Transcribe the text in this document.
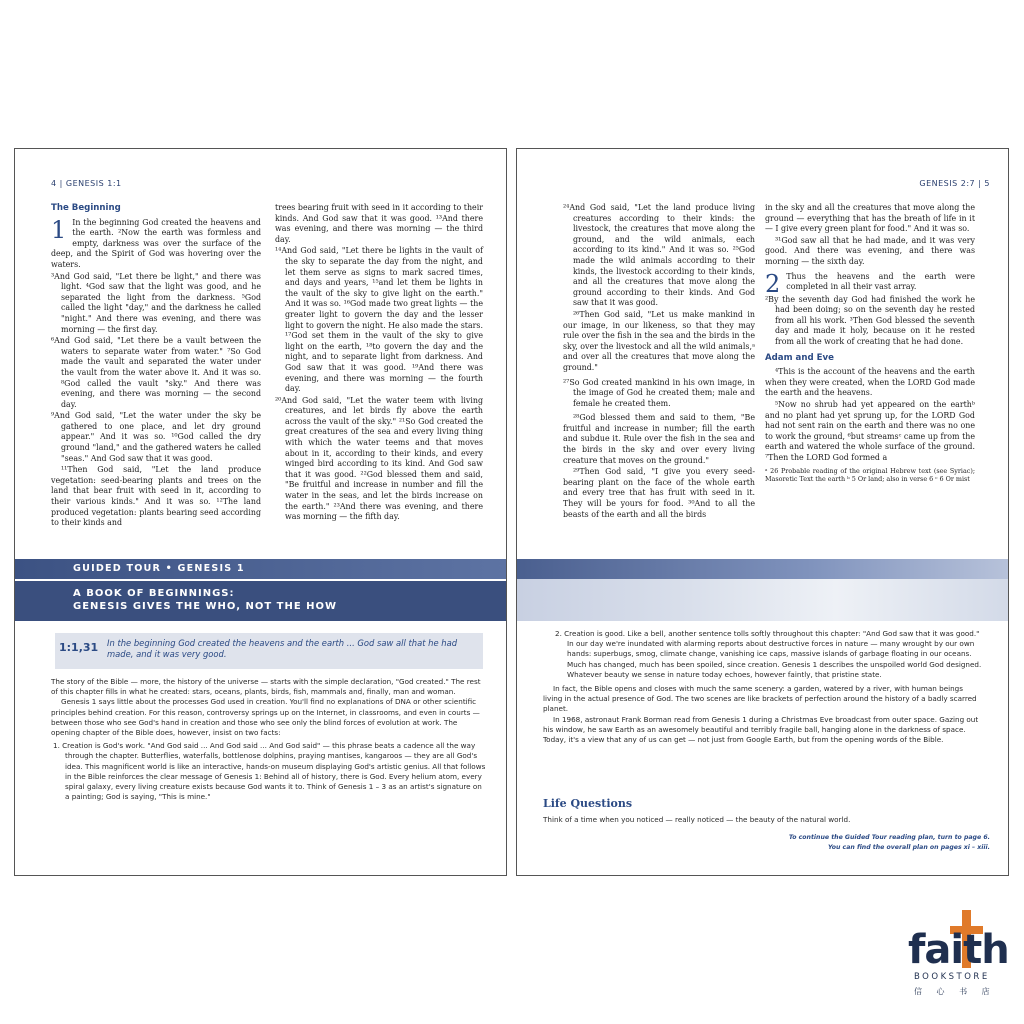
4 | GENESIS 1:1
The Beginning
1 In the beginning God created the heavens and the earth. ²Now the earth was formless and empty, darkness was over the surface of the deep, and the Spirit of God was hovering over the waters.

³And God said, "Let there be light," and there was light. ⁴God saw that the light was good, and he separated the light from the darkness. ⁵God called the light "day," and the darkness he called "night." And there was evening, and there was morning — the first day.

⁶And God said, "Let there be a vault between the waters to separate water from water." ⁷So God made the vault and separated the water under the vault from the water above it. And it was so. ⁸God called the vault "sky." And there was evening, and there was morning — the second day.

⁹And God said, "Let the water under the sky be gathered to one place, and let dry ground appear." And it was so. ¹⁰God called the dry ground "land," and the gathered waters he called "seas." And God saw that it was good.

¹¹Then God said, "Let the land produce vegetation: seed-bearing plants and trees on the land that bear fruit with seed in it, according to their various kinds." And it was so. ¹²The land produced vegetation: plants bearing seed according to their kinds and

trees bearing fruit with seed in it according to their kinds. And God saw that it was good. ¹³And there was evening, and there was morning — the third day.

¹⁴And God said, "Let there be lights in the vault of the sky to separate the day from the night, and let them serve as signs to mark sacred times, and days and years, ¹⁵and let them be lights in the vault of the sky to give light on the earth." And it was so. ¹⁶God made two great lights — the greater light to govern the day and the lesser light to govern the night. He also made the stars. ¹⁷God set them in the vault of the sky to give light on the earth, ¹⁸to govern the day and the night, and to separate light from darkness. And God saw that it was good. ¹⁹And there was evening, and there was morning — the fourth day.

²⁰And God said, "Let the water teem with living creatures, and let birds fly above the earth across the vault of the sky." ²¹So God created the great creatures of the sea and every living thing with which the water teems and that moves about in it, according to their kinds, and every winged bird according to its kind. And God saw that it was good. ²²God blessed them and said, "Be fruitful and increase in number and fill the water in the seas, and let the birds increase on the earth." ²³And there was evening, and there was morning — the fifth day.

GUIDED TOUR • GENESIS 1
A BOOK OF BEGINNINGS:
GENESIS GIVES THE WHO, NOT THE HOW
1:1,31 In the beginning God created the heavens and the earth ... God saw all that he had made, and it was very good.

The story of the Bible — more, the history of the universe — starts with the simple declaration, "God created." The rest of this chapter fills in what he created: stars, oceans, plants, birds, fish, mammals and, finally, man and woman.

Genesis 1 says little about the processes God used in creation. You'll find no explanations of DNA or other scientific principles behind creation. For this reason, controversy springs up on the Internet, in classrooms, and even in courts — between those who see God's hand in creation and those who see only the blind forces of evolution at work. The opening chapter of the Bible does, however, insist on two facts:

1. Creation is God's work. "And God said ... And God said ... And God said" — this phrase beats a cadence all the way through the chapter. Butterflies, waterfalls, bottlenose dolphins, praying mantises, kangaroos — they are all God's idea. This magnificent world is like an interactive, hands-on museum displaying God's artistic genius. All that follows in the Bible reinforces the clear message of Genesis 1: Behind all of history, there is God. Every helium atom, every spiral galaxy, every living creature exists because God wants it to. Think of Genesis 1 – 3 as an artist's signature on a painting; God is saying, "This is mine."

GENESIS 2:7 | 5

²⁴And God said, "Let the land produce living creatures according to their kinds: the livestock, the creatures that move along the ground, and the wild animals, each according to its kind." And it was so. ²⁵God made the wild animals according to their kinds, the livestock according to their kinds, and all the creatures that move along the ground according to their kinds. And God saw that it was good.

²⁶Then God said, "Let us make mankind in our image, in our likeness, so that they may rule over the fish in the sea and the birds in the sky, over the livestock and all the wild animals,ᵃ and over all the creatures that move along the ground."

²⁷So God created mankind in his own image, in the image of God he created them; male and female he created them.

²⁸God blessed them and said to them, "Be fruitful and increase in number; fill the earth and subdue it. Rule over the fish in the sea and the birds in the sky and over every living creature that moves on the ground."

²⁹Then God said, "I give you every seed-bearing plant on the face of the whole earth and every tree that has fruit with seed in it. They will be yours for food. ³⁰And to all the beasts of the earth and all the birds

in the sky and all the creatures that move along the ground — everything that has the breath of life in it — I give every green plant for food." And it was so.

³¹God saw all that he had made, and it was very good. And there was evening, and there was morning — the sixth day.

2 Thus the heavens and the earth were completed in all their vast array.

²By the seventh day God had finished the work he had been doing; so on the seventh day he rested from all his work. ³Then God blessed the seventh day and made it holy, because on it he rested from all the work of creating that he had done.

Adam and Eve

⁴This is the account of the heavens and the earth when they were created, when the LORD God made the earth and the heavens.

⁵Now no shrub had yet appeared on the earthᵇ and no plant had yet sprung up, for the LORD God had not sent rain on the earth and there was no one to work the ground, ⁶but streamsᶜ came up from the earth and watered the whole surface of the ground. ⁷Then the LORD God formed a

ᵃ 26 Probable reading of the original Hebrew text (see Syriac); Masoretic Text the earth ᵇ 5 Or land; also in verse 6 ᶜ 6 Or mist

2. Creation is good. Like a bell, another sentence tolls softly throughout this chapter: "And God saw that it was good." In our day we're inundated with alarming reports about destructive forces in nature — many wrought by our own hands: superbugs, smog, climate change, vanishing ice caps, massive islands of garbage floating in our oceans. Much has changed, much has been spoiled, since creation. Genesis 1 describes the unspoiled world God designed. Whatever beauty we sense in nature today echoes, however faintly, that pristine state.

In fact, the Bible opens and closes with much the same scenery: a garden, watered by a river, with human beings living in the actual presence of God. The two scenes are like brackets of perfection around the history of a badly scarred planet.

In 1968, astronaut Frank Borman read from Genesis 1 during a Christmas Eve broadcast from outer space. Gazing out his window, he saw Earth as an awesomely beautiful and terribly fragile ball, hanging alone in the darkness of space. Today, it's a view that any of us can get — not just from Google Earth, but from the opening words of the Bible.

Life Questions
Think of a time when you noticed — really noticed — the beauty of the natural world.
To continue the Guided Tour reading plan, turn to page 6.
You can find the overall plan on pages xi – xiii.
faith
BOOKSTORE
信 心 书 店
